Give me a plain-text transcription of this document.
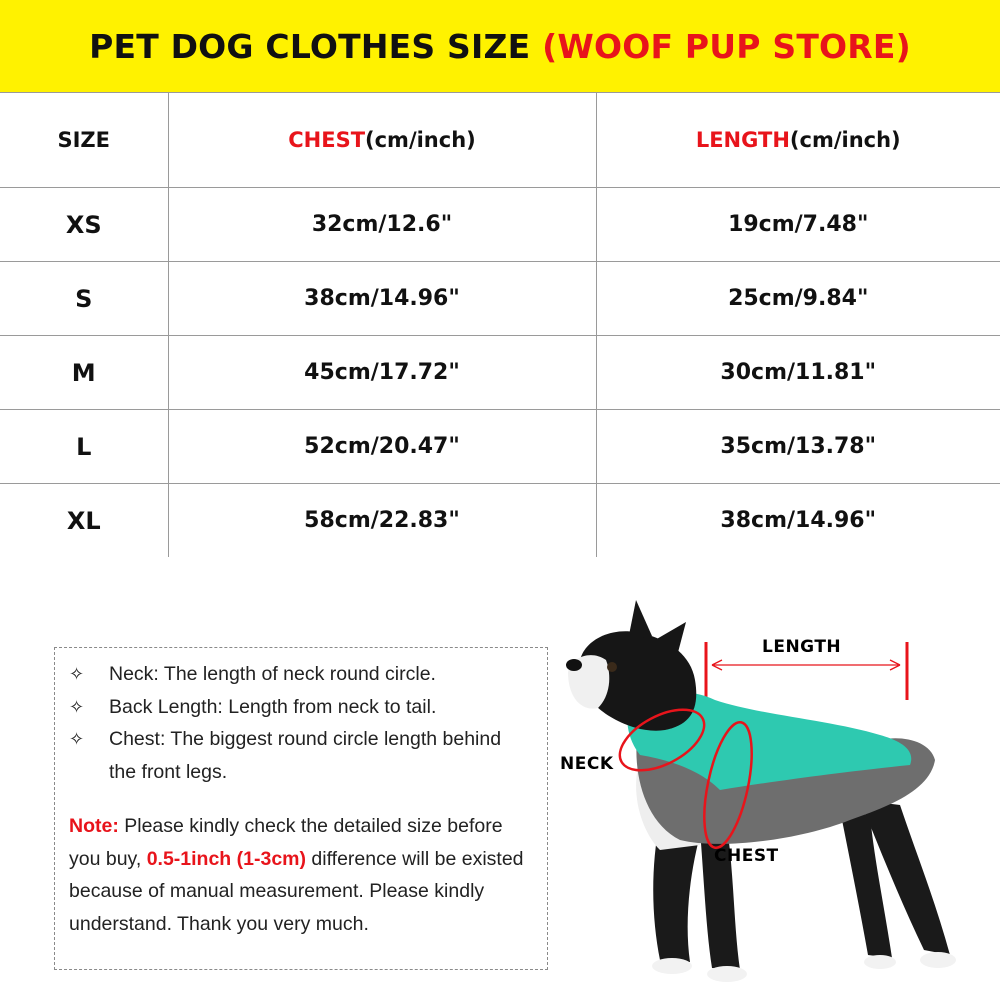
PET DOG CLOTHES SIZE (WOOF PUP STORE)
SIZE	CHEST(cm/inch)	LENGTH(cm/inch)
XS	32cm/12.6"	19cm/7.48"
S	38cm/14.96"	25cm/9.84"
M	45cm/17.72"	30cm/11.81"
L	52cm/20.47"	35cm/13.78"
XL	58cm/22.83"	38cm/14.96"
✧	Neck: The length of neck round circle.
✧	Back Length: Length from neck to tail.
✧	Chest: The biggest round circle length behind the front legs.
Note: Please kindly check the detailed size before you buy, 0.5-1inch (1-3cm) difference will be existed because of manual measurement. Please kindly understand. Thank you very much.
LENGTH
NECK
CHEST
